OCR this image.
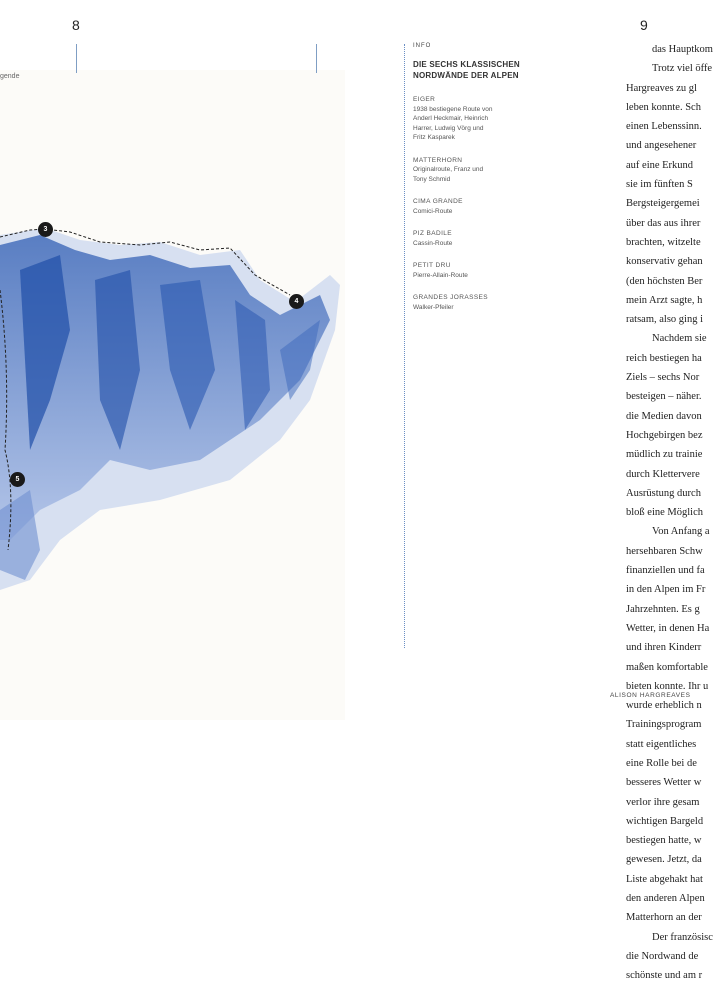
8
gende
3
4
5
INFO
DIE SECHS KLASSISCHEN
NORDWÄNDE DER ALPEN
EIGER
1938 bestiegene Route von
Anderl Heckmair, Heinrich
Harrer, Ludwig Vörg und
Fritz Kasparek
MATTERHORN
Originalroute, Franz und
Tony Schmid
CIMA GRANDE
Comici-Route
PIZ BADILE
Cassin-Route
PETIT DRU
Pierre-Allain-Route
GRANDES JORASSES
Walker-Pfeiler
9
das Hauptkom
Trotz viel öffe
Hargreaves zu gl
leben konnte. Sch
einen Lebenssinn.
und angesehener
auf eine Erkund
sie im fünften S
Bergsteigergemei
über das aus ihrer
brachten, witzelte
konservativ gehan
(den höchsten Ber
mein Arzt sagte, h
ratsam, also ging i
Nachdem sie
reich bestiegen ha
Ziels – sechs Nor
besteigen – näher.
die Medien davon
Hochgebirgen bez
müdlich zu trainie
durch Klettervere
Ausrüstung durch
bloß eine Möglich
Von Anfang a
hersehbaren Schw
finanziellen und fa
in den Alpen im Fr
Jahrzehnten. Es g
Wetter, in denen Ha
und ihren Kinderr
maßen komfortable
bieten konnte. Ihr u
wurde erheblich n
Trainingsprogram
statt eigentliches
eine Rolle bei de
besseres Wetter w
verlor ihre gesam
wichtigen Bargeld
bestiegen hatte, w
gewesen. Jetzt, da
Liste abgehakt hat
den anderen Alpen
Matterhorn an der
Der französisc
die Nordwand de
schönste und am r
ALISON HARGREAVES
